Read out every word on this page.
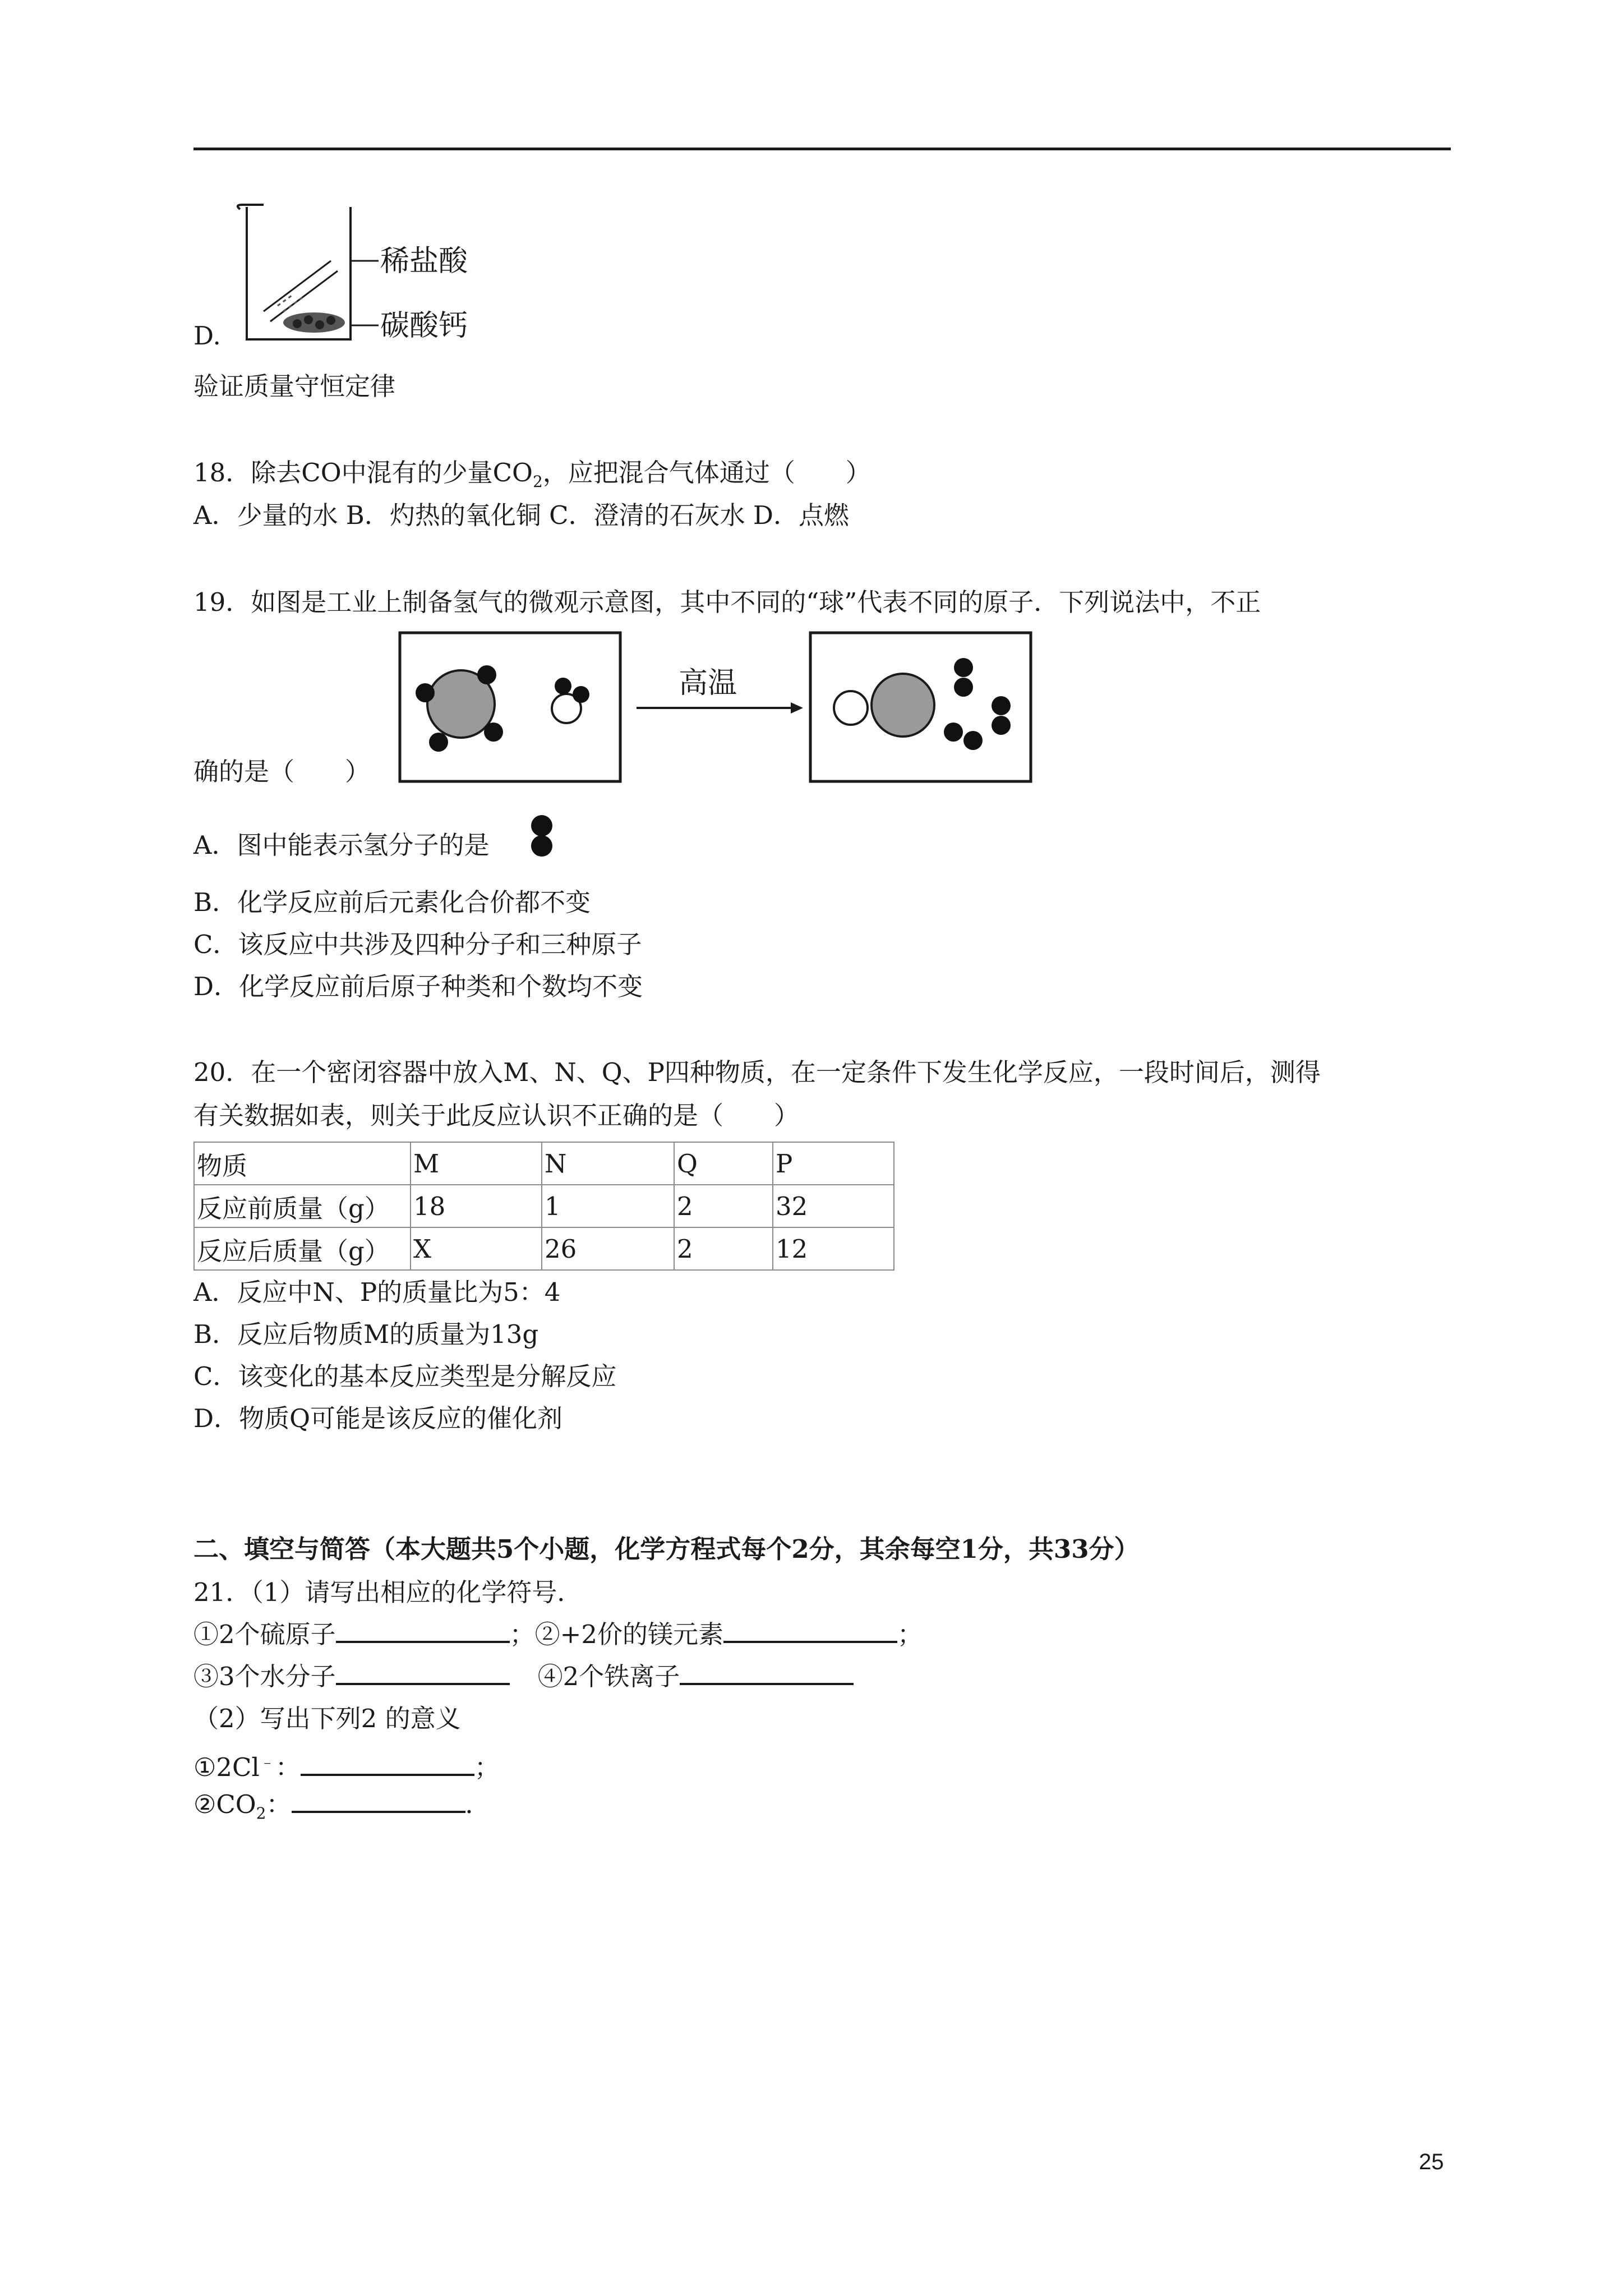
稀盐酸
碳酸钙
D.
验证质量守恒定律
18．除去CO中混有的少量$CO_2$，应把混合气体通过（　　）
A．少量的水 B．灼热的氧化铜 C．澄清的石灰水 D．点燃
19．如图是工业上制备氢气的微观示意图，其中不同的“球”代表不同的原子．下列说法中，不正
高温
确的是（　　）
A．图中能表示氢分子的是
B．化学反应前后元素化合价都不变
C．该反应中共涉及四种分子和三种原子
D．化学反应前后原子种类和个数均不变
20．在一个密闭容器中放入M、N、Q、P四种物质，在一定条件下发生化学反应，一段时间后，测得
有关数据如表，则关于此反应认识不正确的是（　　）
物质	M	N	Q	P
反应前质量（g）	18	1	2	32
反应后质量（g）	X	26	2	12
A．反应中N、P的质量比为5：4
B．反应后物质M的质量为13g
C．该变化的基本反应类型是分解反应
D．物质Q可能是该反应的催化剂
二、填空与简答（本大题共5个小题，化学方程式每个2分，其余每空1分，共33分）
21．（1）请写出相应的化学符号．
①2个硫原子	；②+2价的镁元素	；
③3个水分子	④2个铁离子
（2）写出下列2 的意义
①2Cl﹣：	；
$②CO_2$：	．
25
